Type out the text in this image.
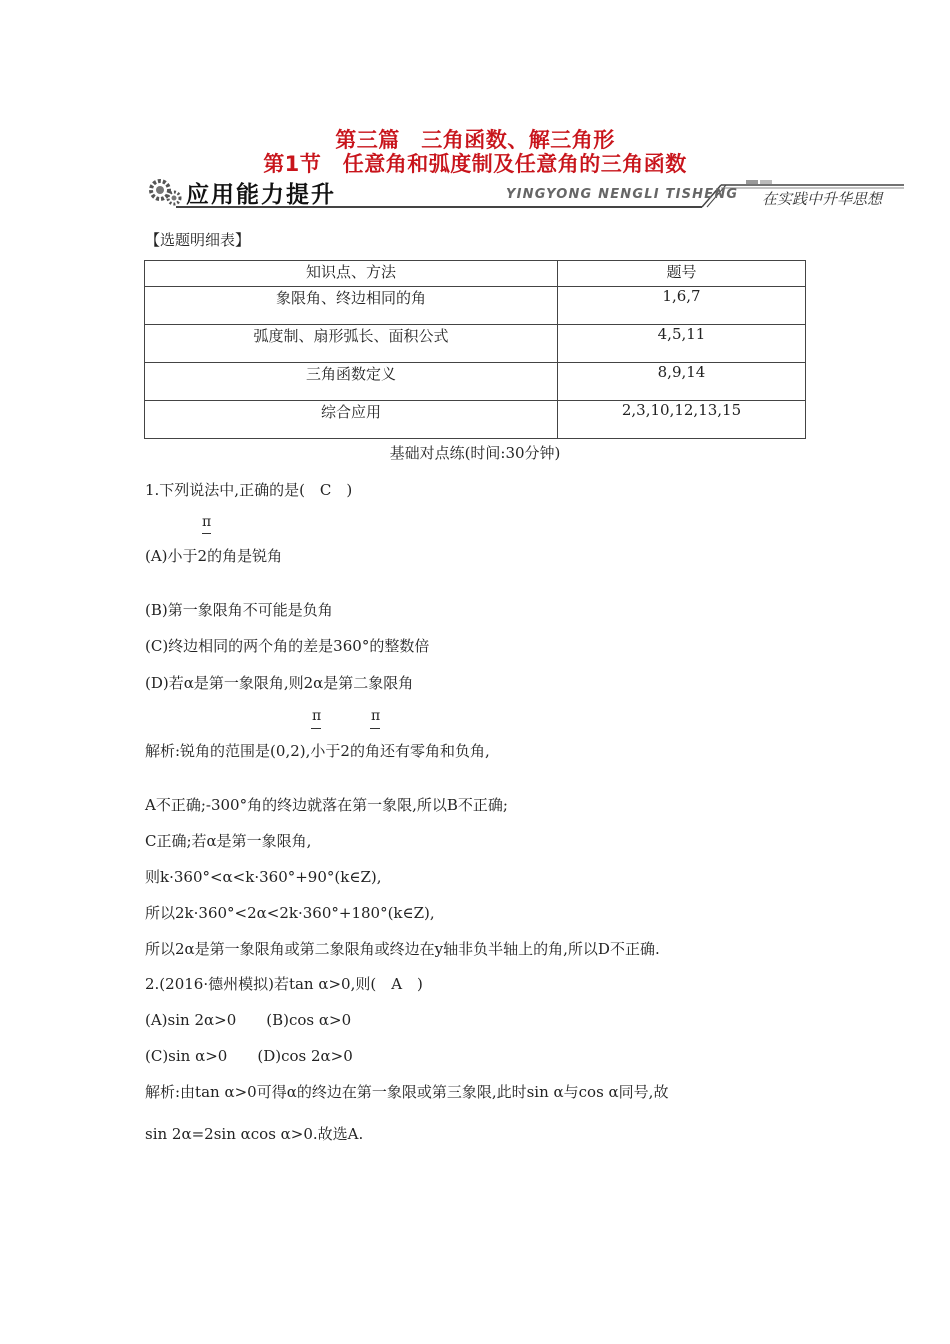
第三篇　三角函数、解三角形
第1节　任意角和弧度制及任意角的三角函数
应用能力提升	YINGYONG NENGLI TISHENG 在实践中升华思想
【选题明细表】
知识点、方法	题号
象限角、终边相同的角	1,6,7
弧度制、扇形弧长、面积公式	4,5,11
三角函数定义	8,9,14
综合应用	2,3,10,12,13,15
基础对点练(时间:30分钟)
1.下列说法中,正确的是(　C　)
π
(A)小于2的角是锐角
(B)第一象限角不可能是负角
(C)终边相同的两个角的差是360°的整数倍
(D)若α是第一象限角,则2α是第二象限角
π	π
解析:锐角的范围是(0,2),小于2的角还有零角和负角,
A不正确;-300°角的终边就落在第一象限,所以B不正确;
C正确;若α是第一象限角,
则k·360°<α<k·360°+90°(k∈Z),
所以2k·360°<2α<2k·360°+180°(k∈Z),
所以2α是第一象限角或第二象限角或终边在y轴非负半轴上的角,所以D不正确.
2.(2016·德州模拟)若tan α>0,则(　A　)
(A)sin 2α>0　　(B)cos α>0
(C)sin α>0　　(D)cos 2α>0
解析:由tan α>0可得α的终边在第一象限或第三象限,此时sin α与cos α同号,故
sin 2α=2sin αcos α>0.故选A.
